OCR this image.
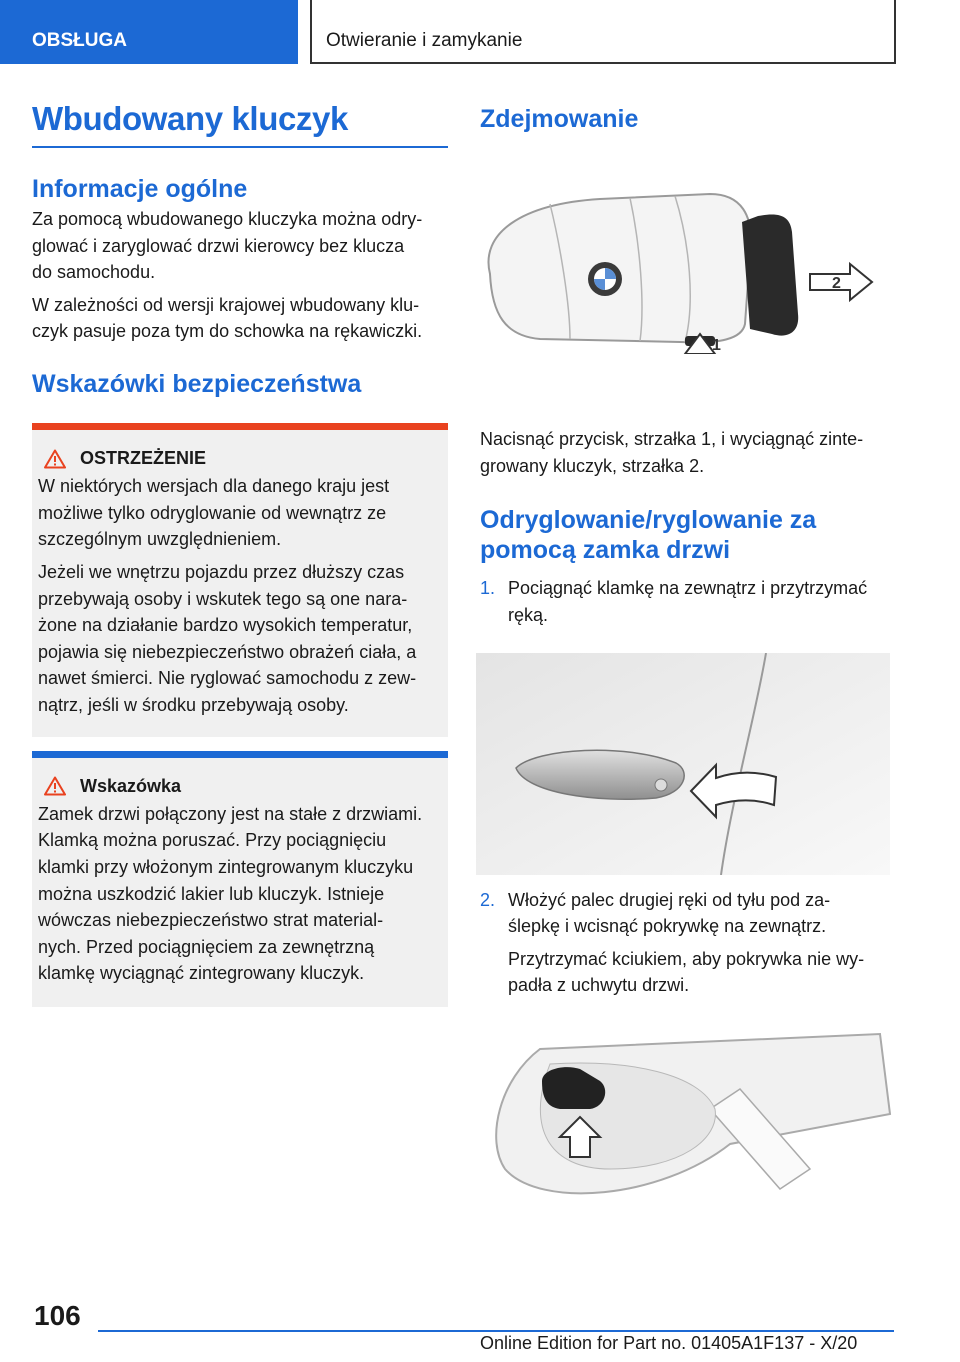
OBSŁUGA	Otwieranie i zamykanie
Wbudowany kluczyk
Informacje ogólne

Za pomocą wbudowanego kluczyka można odry‐
glować i zaryglować drzwi kierowcy bez klucza
do samochodu.

W zależności od wersji krajowej wbudowany klu‐
czyk pasuje poza tym do schowka na rękawiczki.

Wskazówki bezpieczeństwa
OSTRZEŻENIE

W niektórych wersjach dla danego kraju jest
możliwe tylko odryglowanie od wewnątrz ze
szczególnym uwzględnieniem.

Jeżeli we wnętrzu pojazdu przez dłuższy czas
przebywają osoby i wskutek tego są one nara‐
żone na działanie bardzo wysokich temperatur,
pojawia się niebezpieczeństwo obrażeń ciała, a
nawet śmierci. Nie ryglować samochodu z zew‐
nątrz, jeśli w środku przebywają osoby.

Wskazówka

Zamek drzwi połączony jest na stałe z drzwiami.
Klamką można poruszać. Przy pociągnięciu
klamki przy włożonym zintegrowanym kluczyku
można uszkodzić lakier lub kluczyk. Istnieje
wówczas niebezpieczeństwo strat material‐
nych. Przed pociągnięciem za zewnętrzną
klamkę wyciągnąć zintegrowany kluczyk.

Zdejmowanie
2
1

Nacisnąć przycisk, strzałka 1, i wyciągnąć zinte‐
growany kluczyk, strzałka 2.

Odryglowanie/ryglowanie za
pomocą zamka drzwi
1. Pociągnąć klamkę na zewnątrz i przytrzymać
ręką.
2. Włożyć palec drugiej ręki od tyłu pod za‐
ślepkę i wcisnąć pokrywkę na zewnątrz.

Przytrzymać kciukiem, aby pokrywka nie wy‐
padła z uchwytu drzwi.

106
Online Edition for Part no. 01405A1F137 - X/20
